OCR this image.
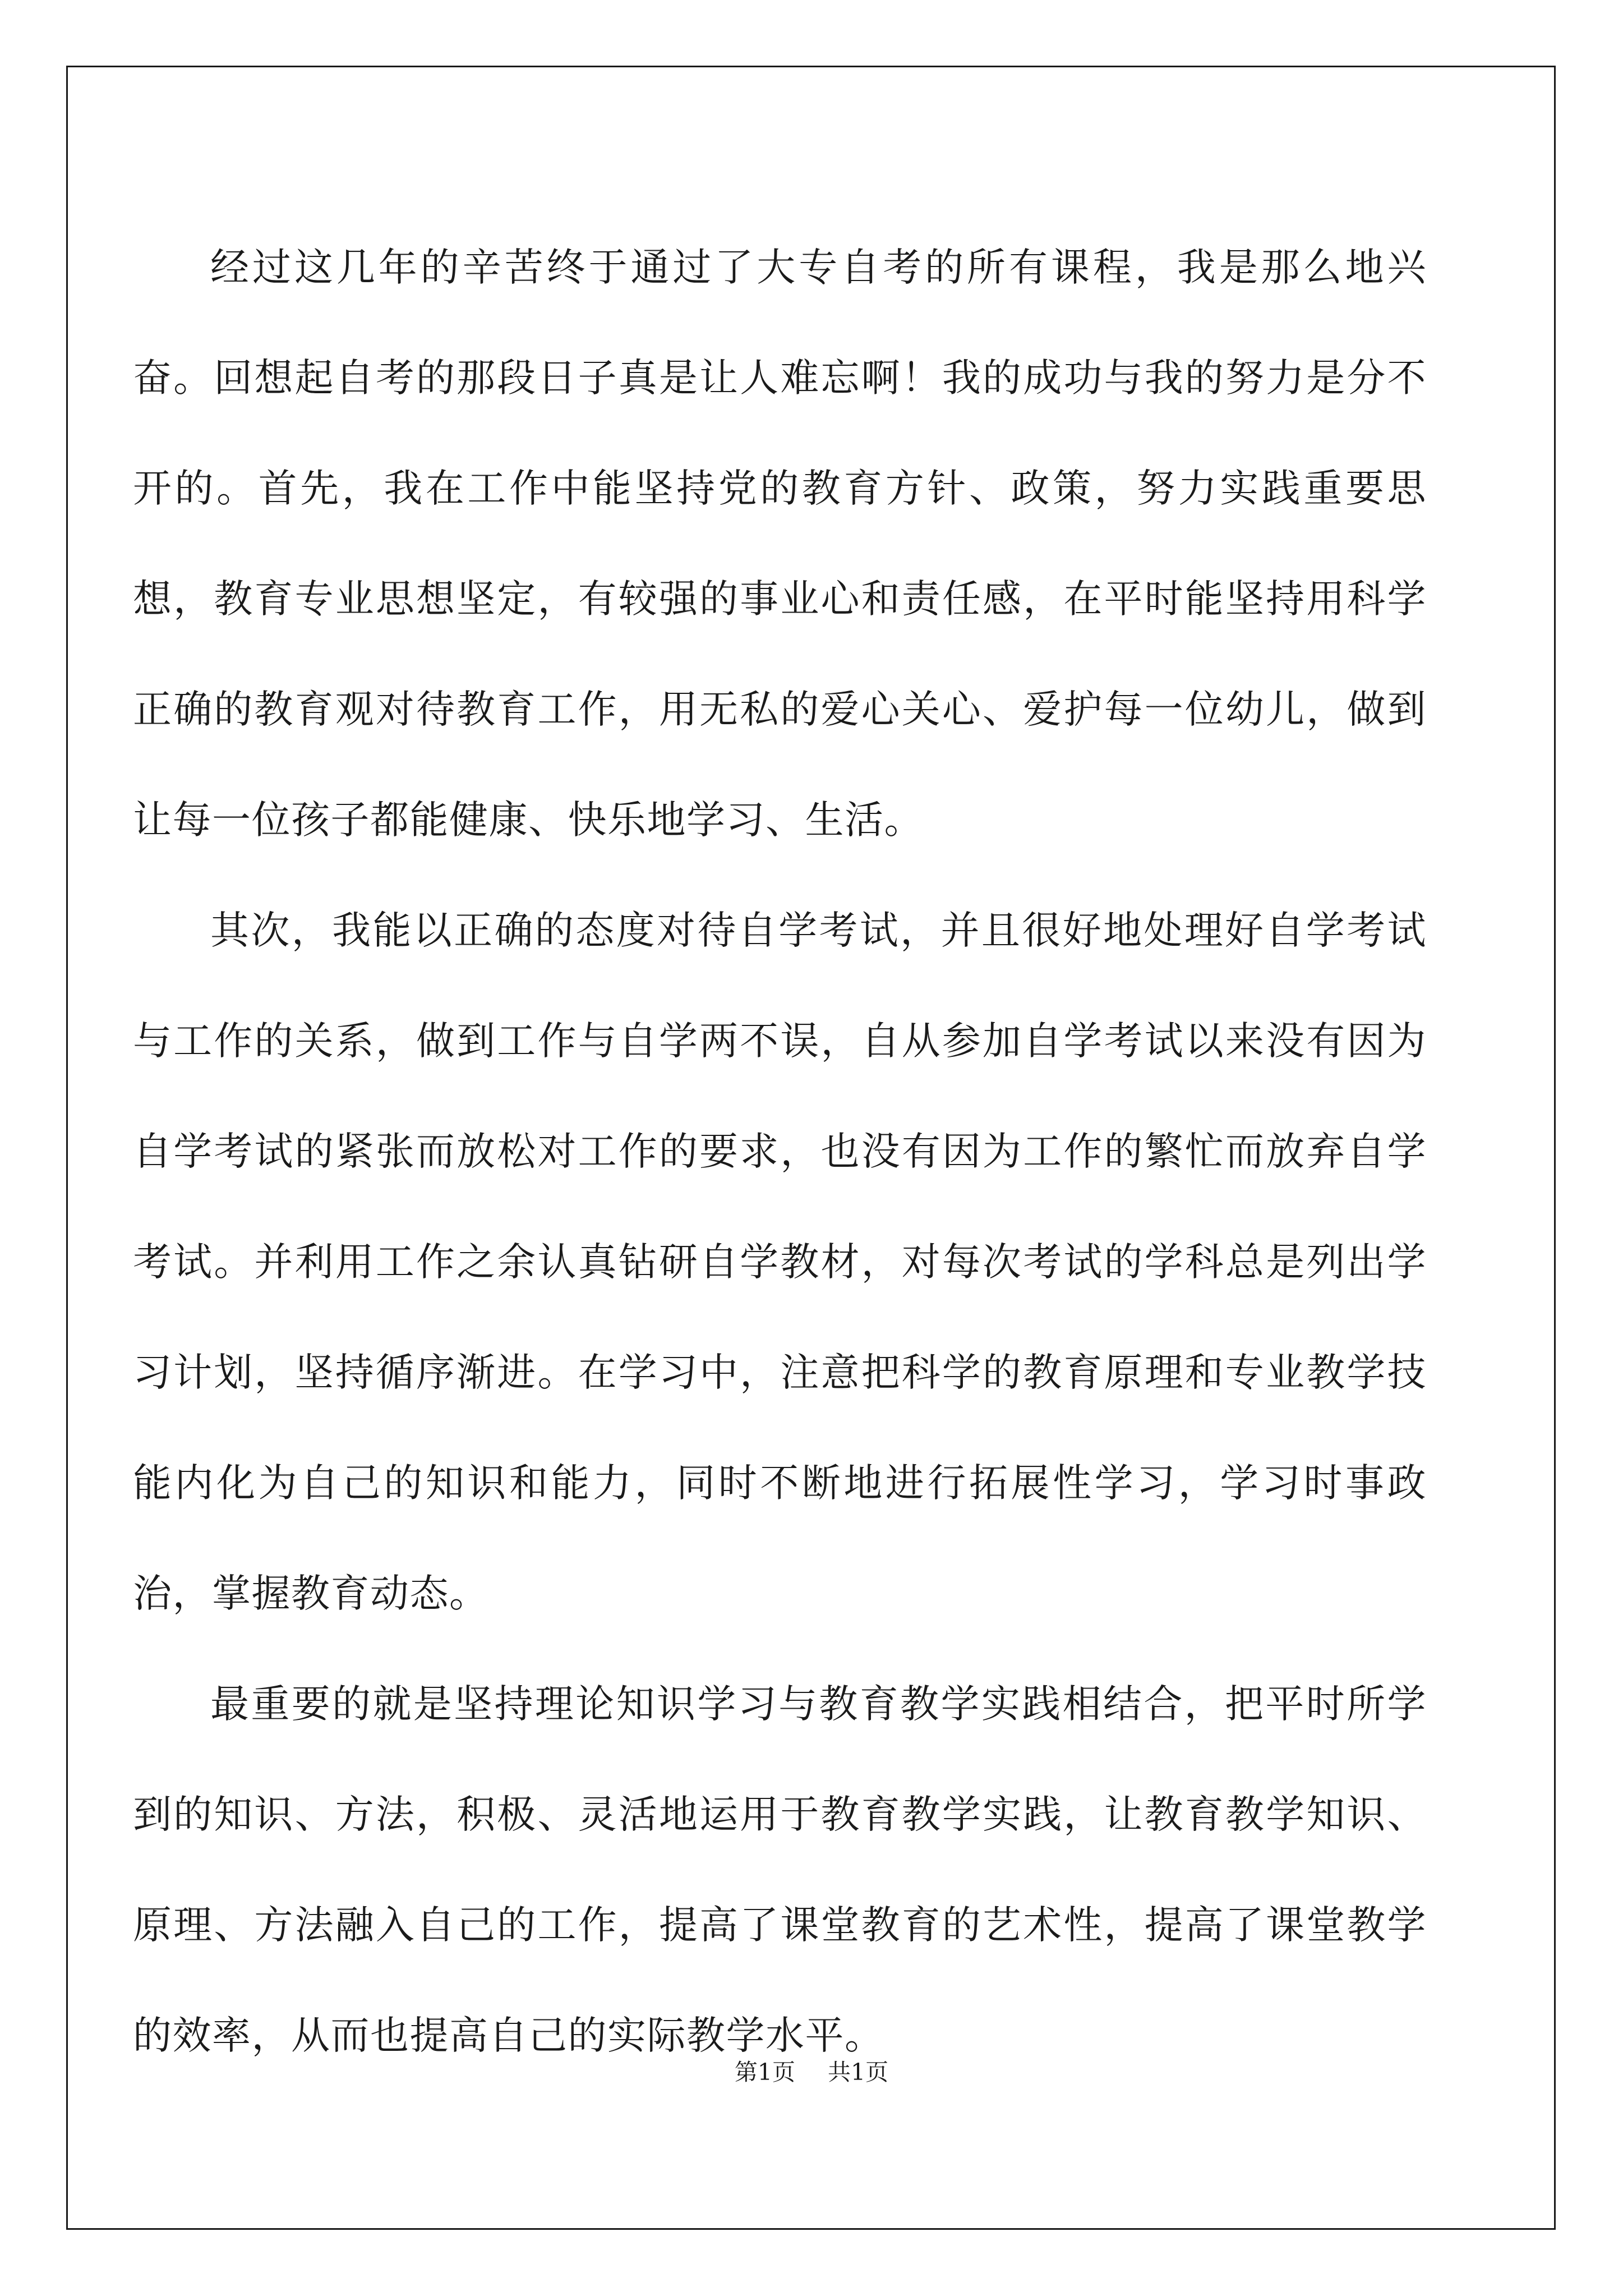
经过这几年的辛苦终于通过了大专自考的所有课程，我是那么地兴奋。回想起自考的那段日子真是让人难忘啊！我的成功与我的努力是分不开的。首先，我在工作中能坚持党的教育方针、政策，努力实践重要思想，教育专业思想坚定，有较强的事业心和责任感，在平时能坚持用科学正确的教育观对待教育工作，用无私的爱心关心、爱护每一位幼儿，做到让每一位孩子都能健康、快乐地学习、生活。

其次，我能以正确的态度对待自学考试，并且很好地处理好自学考试与工作的关系，做到工作与自学两不误，自从参加自学考试以来没有因为自学考试的紧张而放松对工作的要求，也没有因为工作的繁忙而放弃自学考试。并利用工作之余认真钻研自学教材，对每次考试的学科总是列出学习计划，坚持循序渐进。在学习中，注意把科学的教育原理和专业教学技能内化为自己的知识和能力，同时不断地进行拓展性学习，学习时事政治，掌握教育动态。

最重要的就是坚持理论知识学习与教育教学实践相结合，把平时所学到的知识、方法，积极、灵活地运用于教育教学实践，让教育教学知识、原理、方法融入自己的工作，提高了课堂教育的艺术性，提高了课堂教学的效率，从而也提高自己的实际教学水平。

第1页 共1页
